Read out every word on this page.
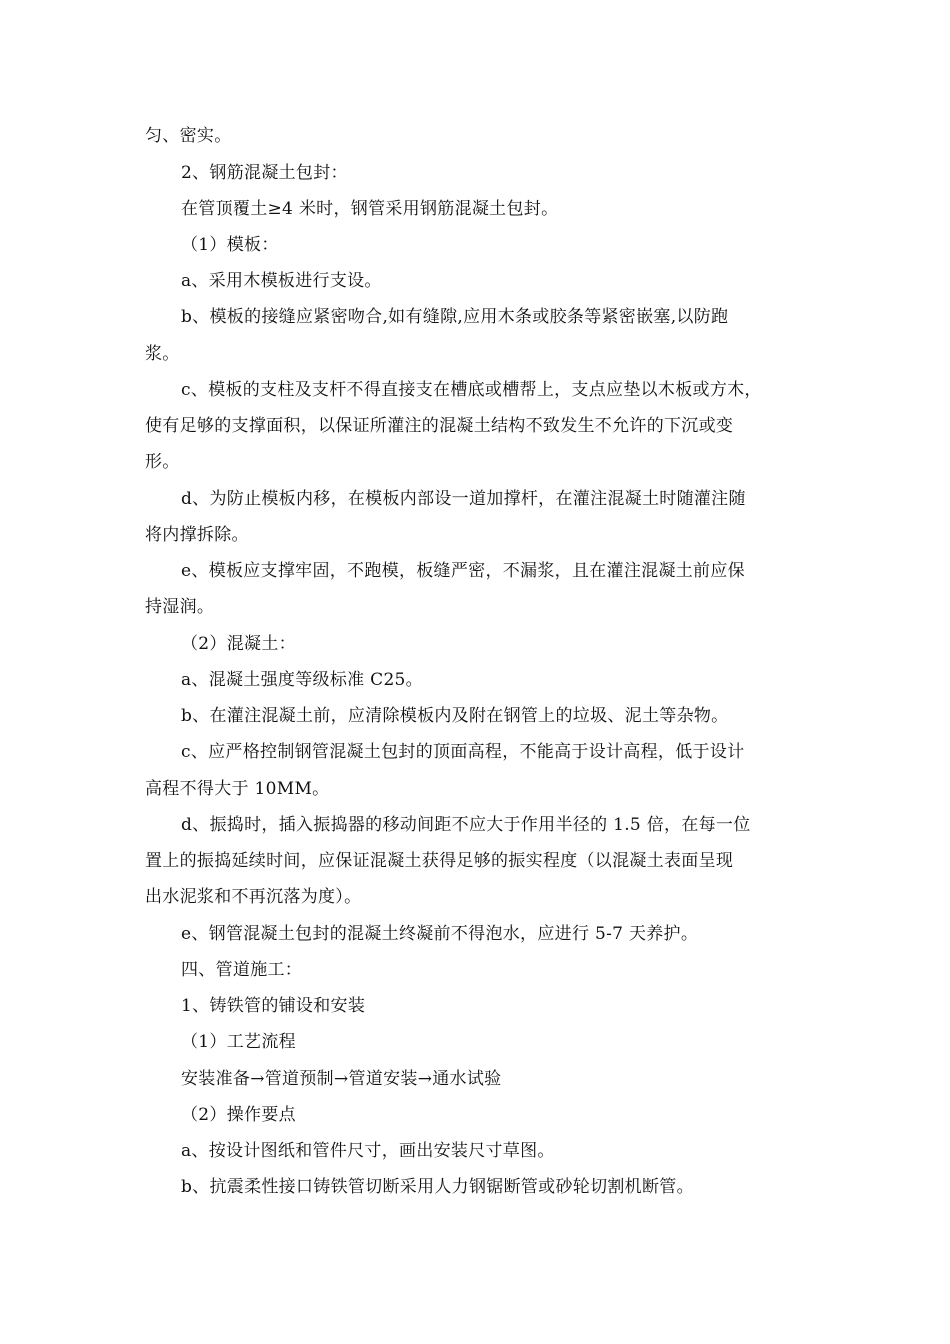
匀、密实。
2、钢筋混凝土包封：
在管顶覆土≥4 米时，钢管采用钢筋混凝土包封。
（1）模板：
a、采用木模板进行支设。
b、模板的接缝应紧密吻合,如有缝隙,应用木条或胶条等紧密嵌塞,以防跑
浆。
c、模板的支柱及支杆不得直接支在槽底或槽帮上，支点应垫以木板或方木，
使有足够的支撑面积，以保证所灌注的混凝土结构不致发生不允许的下沉或变
形。
d、为防止模板内移，在模板内部设一道加撑杆，在灌注混凝土时随灌注随
将内撑拆除。
e、模板应支撑牢固，不跑模，板缝严密，不漏浆，且在灌注混凝土前应保
持湿润。
（2）混凝土：
a、混凝土强度等级标准 C25。
b、在灌注混凝土前，应清除模板内及附在钢管上的垃圾、泥土等杂物。
c、应严格控制钢管混凝土包封的顶面高程，不能高于设计高程，低于设计
高程不得大于 10MM。
d、振捣时，插入振捣器的移动间距不应大于作用半径的 1.5 倍，在每一位
置上的振捣延续时间，应保证混凝土获得足够的振实程度（以混凝土表面呈现
出水泥浆和不再沉落为度）。
e、钢管混凝土包封的混凝土终凝前不得泡水，应进行 5-7 天养护。
四、管道施工：
1、铸铁管的铺设和安装
（1）工艺流程
安装准备→管道预制→管道安装→通水试验
（2）操作要点
a、按设计图纸和管件尺寸，画出安装尺寸草图。
b、抗震柔性接口铸铁管切断采用人力钢锯断管或砂轮切割机断管。
